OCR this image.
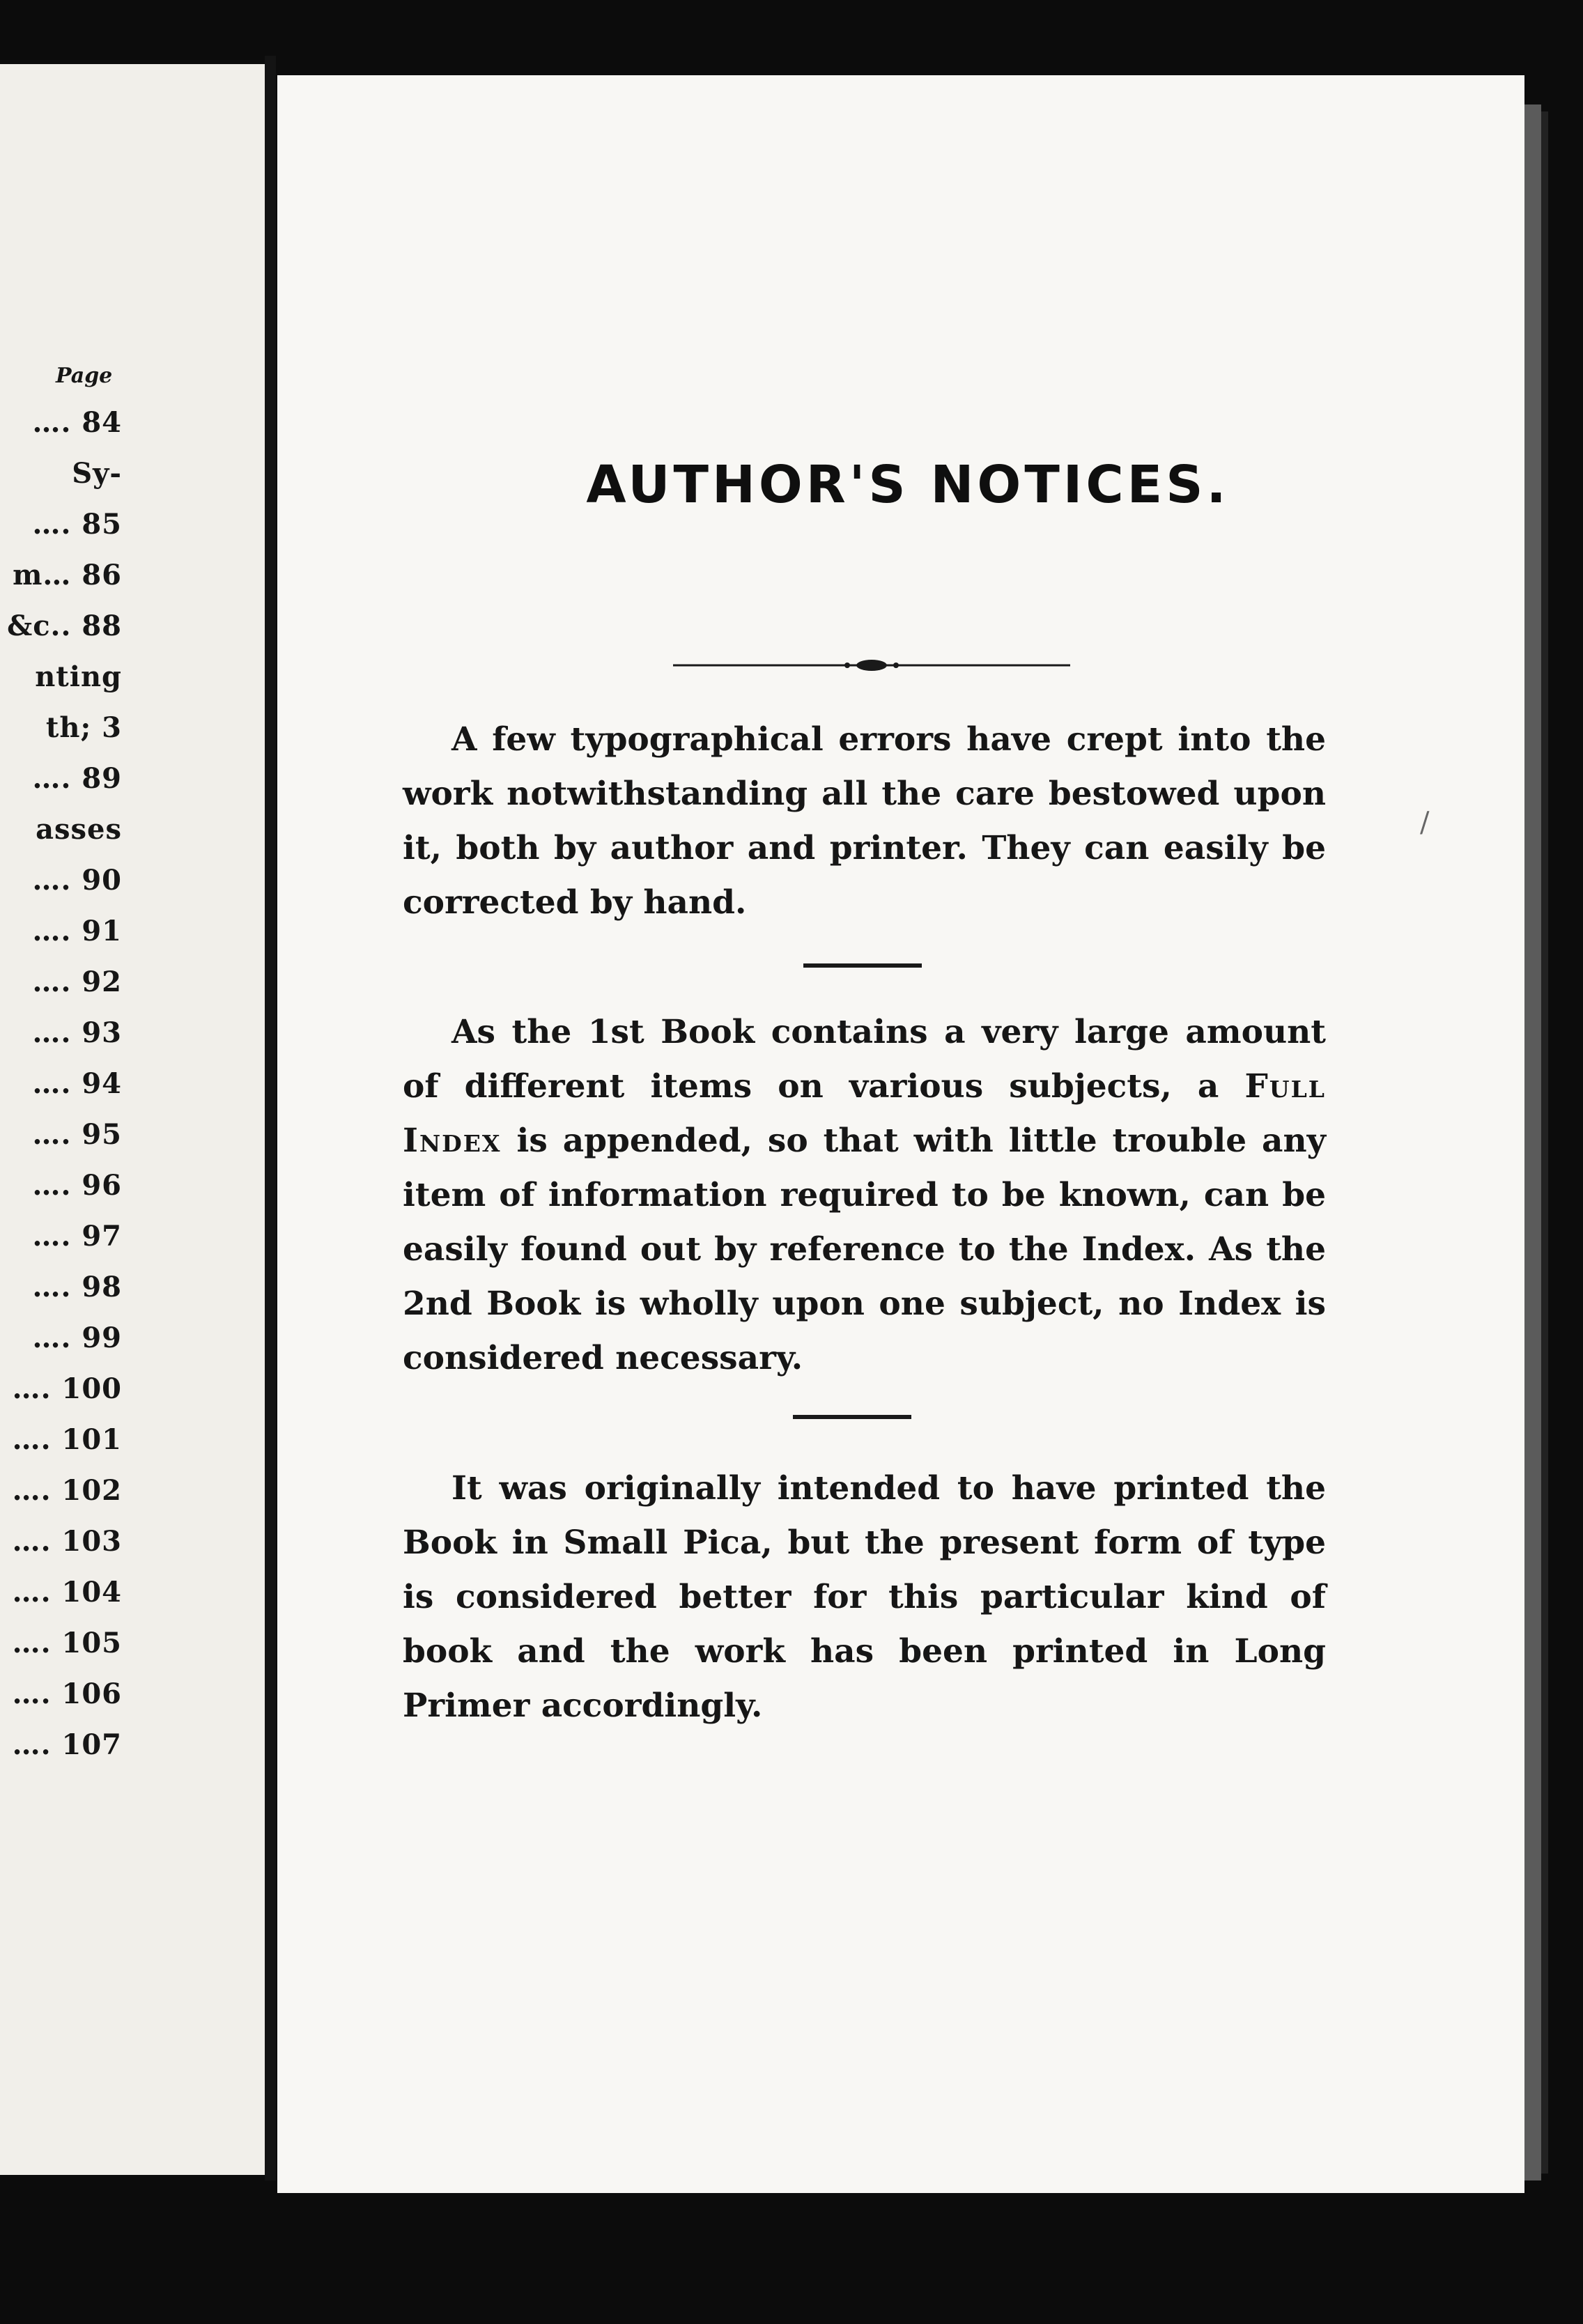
Page
…. 84
Sy-
…. 85
m… 86
&c.. 88
nting
th; 3
…. 89
asses
…. 90
…. 91
…. 92
…. 93
…. 94
…. 95
…. 96
…. 97
…. 98
…. 99
…. 100
…. 101
…. 102
…. 103
…. 104
…. 105
…. 106
…. 107
AUTHOR'S NOTICES.
A few typographical errors have crept into the work notwithstanding all the care bestowed upon it, both by author and printer. They can easily be corrected by hand.
As the 1st Book contains a very large amount of different items on various subjects, a Full Index is appended, so that with little trouble any item of information required to be known, can be easily found out by reference to the Index. As the 2nd Book is wholly upon one subject, no Index is considered necessary.
It was originally intended to have printed the Book in Small Pica, but the present form of type is considered better for this particular kind of book and the work has been printed in Long Primer accordingly.
/
